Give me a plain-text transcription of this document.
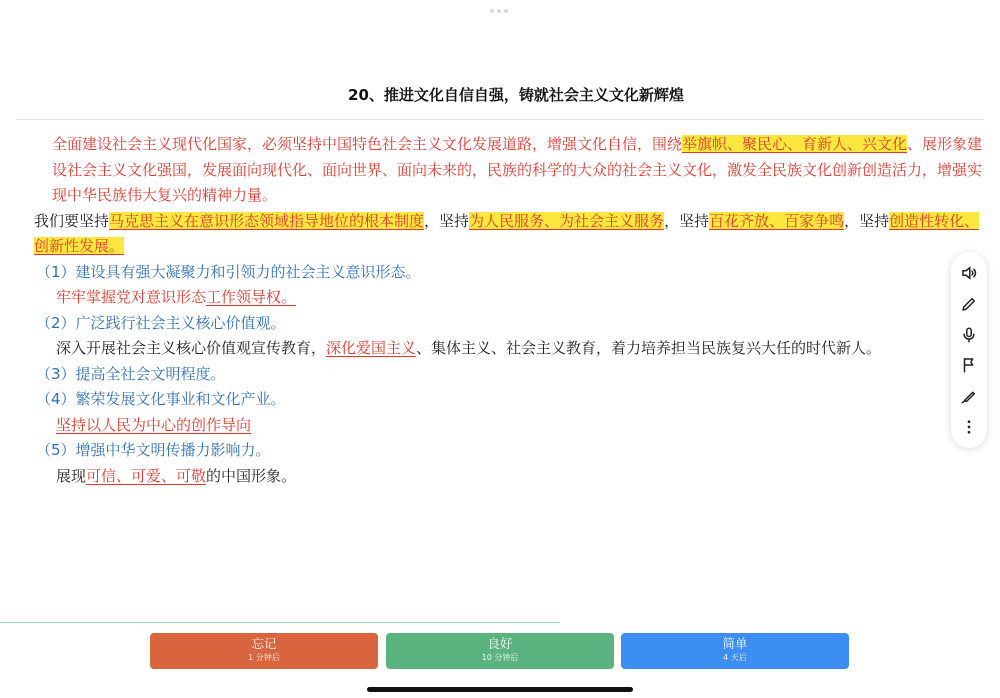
20、推进文化自信自强，铸就社会主义文化新辉煌

全面建设社会主义现代化国家，必须坚持中国特色社会主义文化发展道路，增强文化自信，围绕举旗帜、聚民心、育新人、兴文化、展形象建设社会主义文化强国，发展面向现代化、面向世界、面向未来的，民族的科学的大众的社会主义文化，激发全民族文化创新创造活力，增强实现中华民族伟大复兴的精神力量。

我们要坚持马克思主义在意识形态领域指导地位的根本制度，坚持为人民服务、为社会主义服务，坚持百花齐放、百家争鸣，坚持创造性转化、创新性发展。

（1）建设具有强大凝聚力和引领力的社会主义意识形态。

牢牢掌握党对意识形态工作领导权。

（2）广泛践行社会主义核心价值观。

深入开展社会主义核心价值观宣传教育，深化爱国主义、集体主义、社会主义教育，着力培养担当民族复兴大任的时代新人。

（3）提高全社会文明程度。

（4）繁荣发展文化事业和文化产业。

坚持以人民为中心的创作导向

（5）增强中华文明传播力影响力。

展现可信、可爱、可敬的中国形象。

忘记
1 分钟后
良好
10 分钟后
简单
4 天后
